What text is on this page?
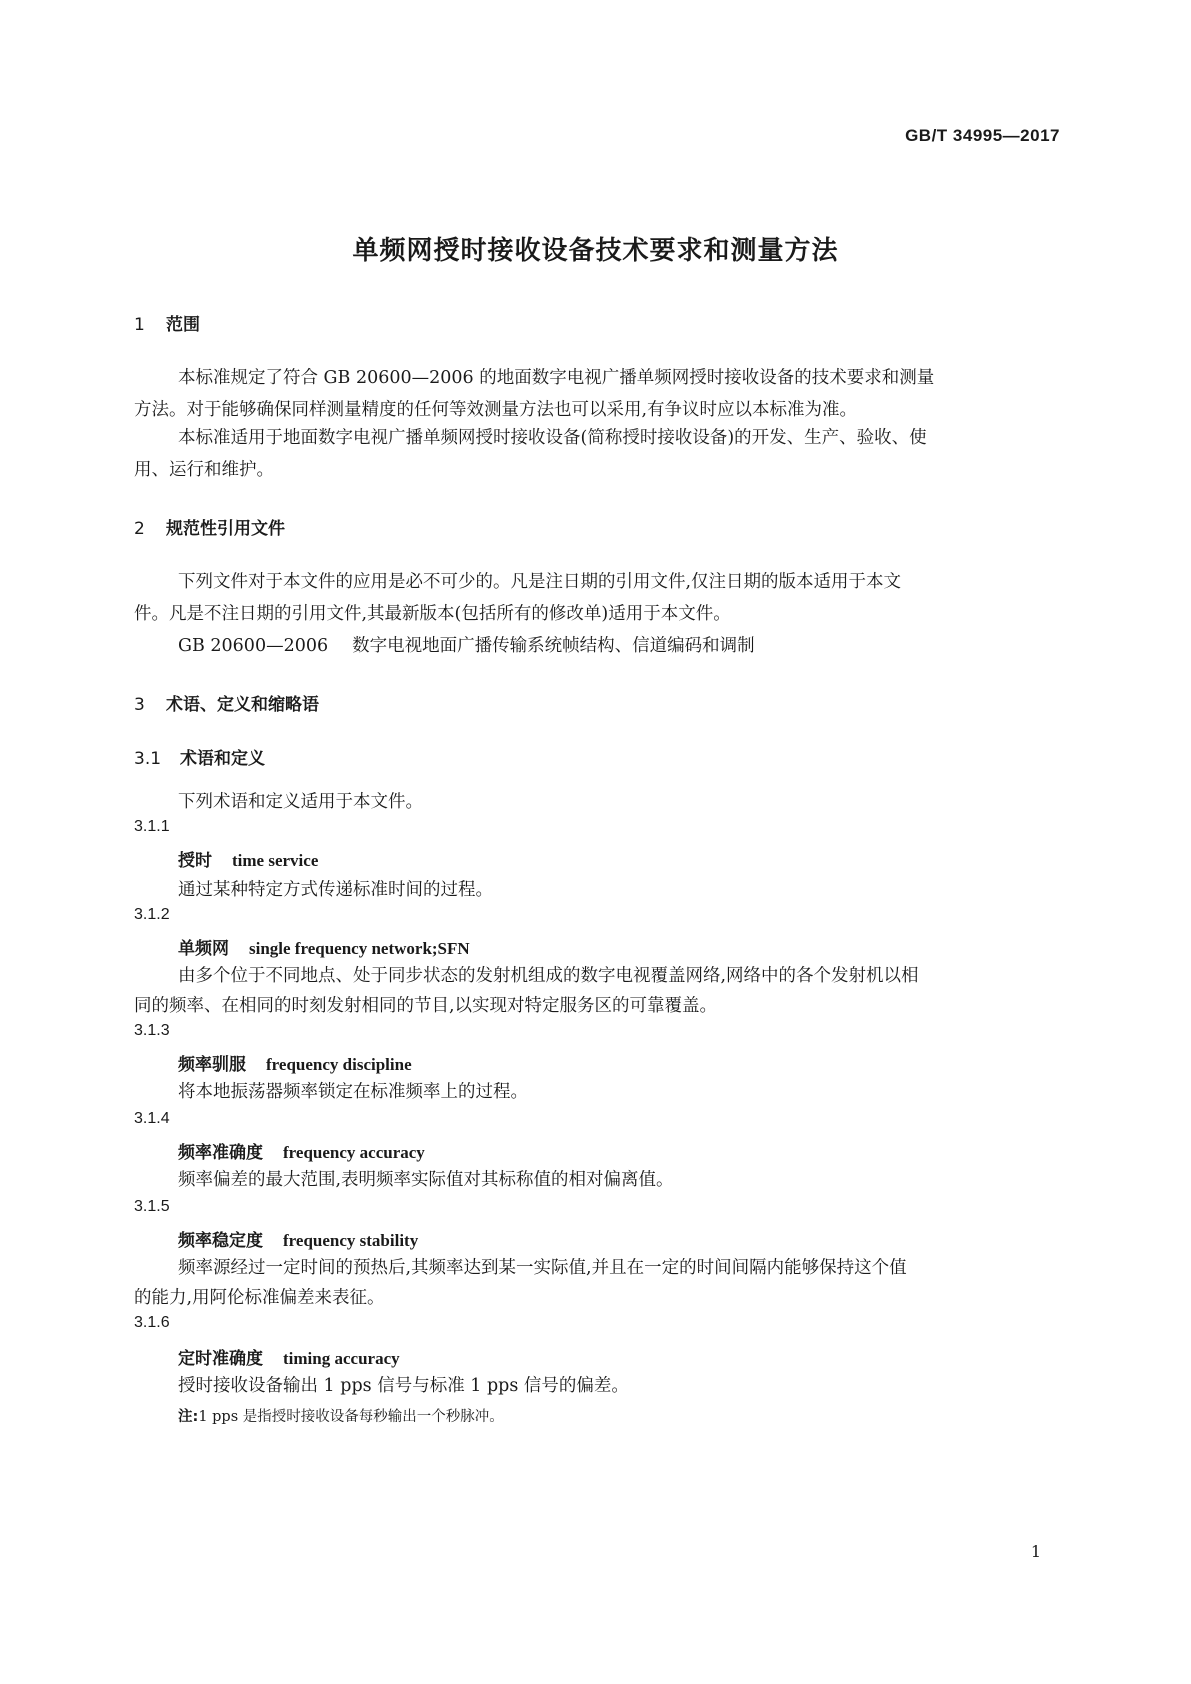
GB/T 34995—2017
单频网授时接收设备技术要求和测量方法
1 范围
本标准规定了符合 GB 20600—2006 的地面数字电视广播单频网授时接收设备的技术要求和测量
方法。对于能够确保同样测量精度的任何等效测量方法也可以采用,有争议时应以本标准为准。
本标准适用于地面数字电视广播单频网授时接收设备(简称授时接收设备)的开发、生产、验收、使
用、运行和维护。
2 规范性引用文件
下列文件对于本文件的应用是必不可少的。凡是注日期的引用文件,仅注日期的版本适用于本文
件。凡是不注日期的引用文件,其最新版本(包括所有的修改单)适用于本文件。
GB 20600—2006 数字电视地面广播传输系统帧结构、信道编码和调制
3 术语、定义和缩略语
3.1 术语和定义
下列术语和定义适用于本文件。
3.1.1
授时 time service
通过某种特定方式传递标准时间的过程。
3.1.2
单频网 single frequency network;SFN
由多个位于不同地点、处于同步状态的发射机组成的数字电视覆盖网络,网络中的各个发射机以相
同的频率、在相同的时刻发射相同的节目,以实现对特定服务区的可靠覆盖。
3.1.3
频率驯服 frequency discipline
将本地振荡器频率锁定在标准频率上的过程。
3.1.4
频率准确度 frequency accuracy
频率偏差的最大范围,表明频率实际值对其标称值的相对偏离值。
3.1.5
频率稳定度 frequency stability
频率源经过一定时间的预热后,其频率达到某一实际值,并且在一定的时间间隔内能够保持这个值
的能力,用阿伦标准偏差来表征。
3.1.6
定时准确度 timing accuracy
授时接收设备输出 1 pps 信号与标准 1 pps 信号的偏差。
注:1 pps 是指授时接收设备每秒输出一个秒脉冲。
1
